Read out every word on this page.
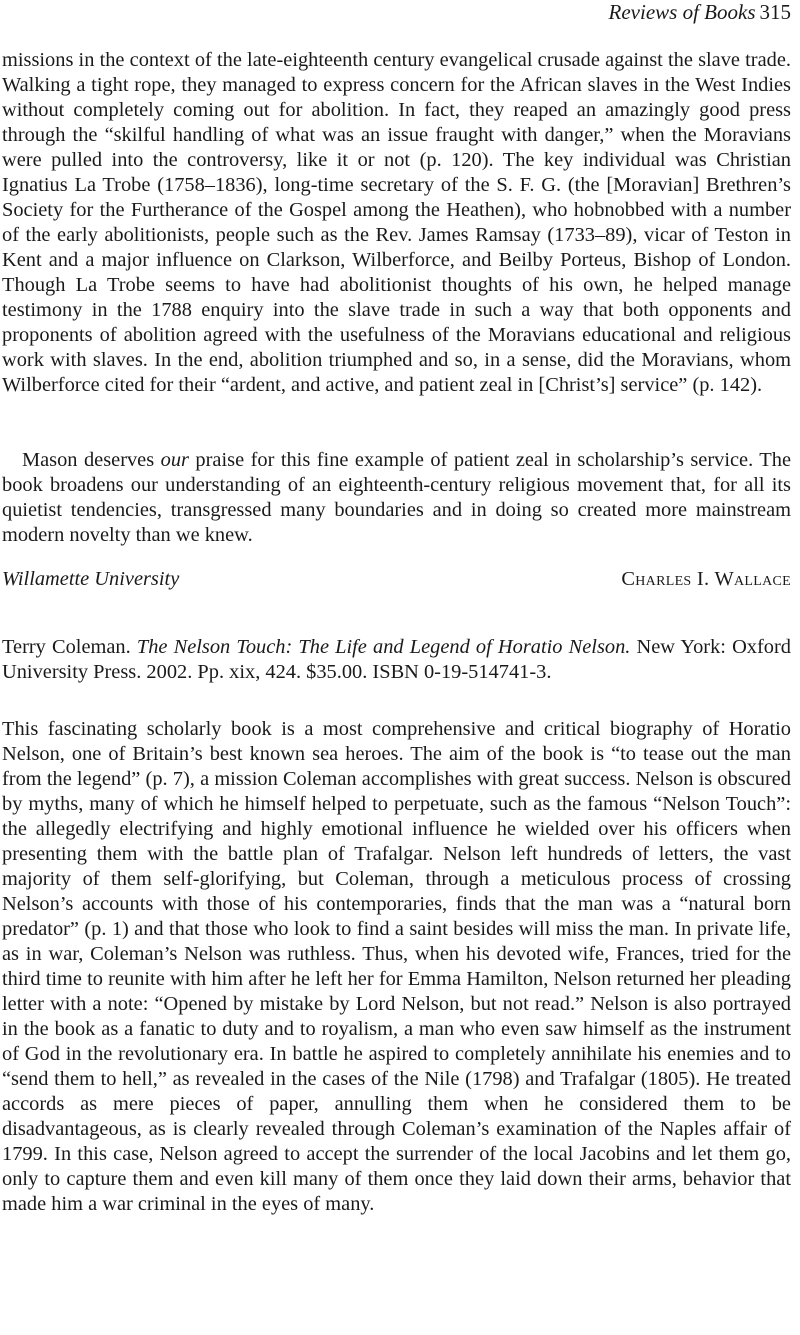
Reviews of Books 315

missions in the context of the late-eighteenth century evangelical crusade against the slave trade. Walking a tight rope, they managed to express concern for the African slaves in the West Indies without completely coming out for abolition. In fact, they reaped an amazingly good press through the “skilful handling of what was an issue fraught with danger,” when the Moravians were pulled into the controversy, like it or not (p. 120). The key individual was Christian Ignatius La Trobe (1758–1836), long-time secretary of the S. F. G. (the [Moravian] Brethren’s Society for the Furtherance of the Gospel among the Heathen), who hobnobbed with a number of the early abolitionists, people such as the Rev. James Ramsay (1733–89), vicar of Teston in Kent and a major influence on Clarkson, Wilberforce, and Beilby Porteus, Bishop of London. Though La Trobe seems to have had abolitionist thoughts of his own, he helped manage testimony in the 1788 enquiry into the slave trade in such a way that both opponents and proponents of abolition agreed with the usefulness of the Moravians educational and religious work with slaves. In the end, abolition triumphed and so, in a sense, did the Moravians, whom Wilberforce cited for their “ardent, and active, and patient zeal in [Christ’s] service” (p. 142).

Mason deserves our praise for this fine example of patient zeal in scholarship’s service. The book broadens our understanding of an eighteenth-century religious movement that, for all its quietist tendencies, transgressed many boundaries and in doing so created more mainstream modern novelty than we knew.

Willamette University	Charles I. Wallace

Terry Coleman. The Nelson Touch: The Life and Legend of Horatio Nelson. New York: Oxford University Press. 2002. Pp. xix, 424. $35.00. ISBN 0-19-514741-3.

This fascinating scholarly book is a most comprehensive and critical biography of Horatio Nelson, one of Britain’s best known sea heroes. The aim of the book is “to tease out the man from the legend” (p. 7), a mission Coleman accomplishes with great success. Nelson is obscured by myths, many of which he himself helped to perpetuate, such as the famous “Nelson Touch”: the allegedly electrifying and highly emotional influence he wielded over his officers when presenting them with the battle plan of Trafalgar. Nelson left hundreds of letters, the vast majority of them self-glorifying, but Coleman, through a meticulous process of crossing Nelson’s accounts with those of his contemporaries, finds that the man was a “natural born predator” (p. 1) and that those who look to find a saint besides will miss the man. In private life, as in war, Coleman’s Nelson was ruthless. Thus, when his devoted wife, Frances, tried for the third time to reunite with him after he left her for Emma Hamilton, Nelson returned her pleading letter with a note: “Opened by mistake by Lord Nelson, but not read.” Nelson is also portrayed in the book as a fanatic to duty and to royalism, a man who even saw himself as the instrument of God in the revolutionary era. In battle he aspired to completely annihilate his enemies and to “send them to hell,” as revealed in the cases of the Nile (1798) and Trafalgar (1805). He treated accords as mere pieces of paper, annulling them when he considered them to be disadvantageous, as is clearly revealed through Coleman’s examination of the Naples affair of 1799. In this case, Nelson agreed to accept the surrender of the local Jacobins and let them go, only to capture them and even kill many of them once they laid down their arms, behavior that made him a war criminal in the eyes of many.
